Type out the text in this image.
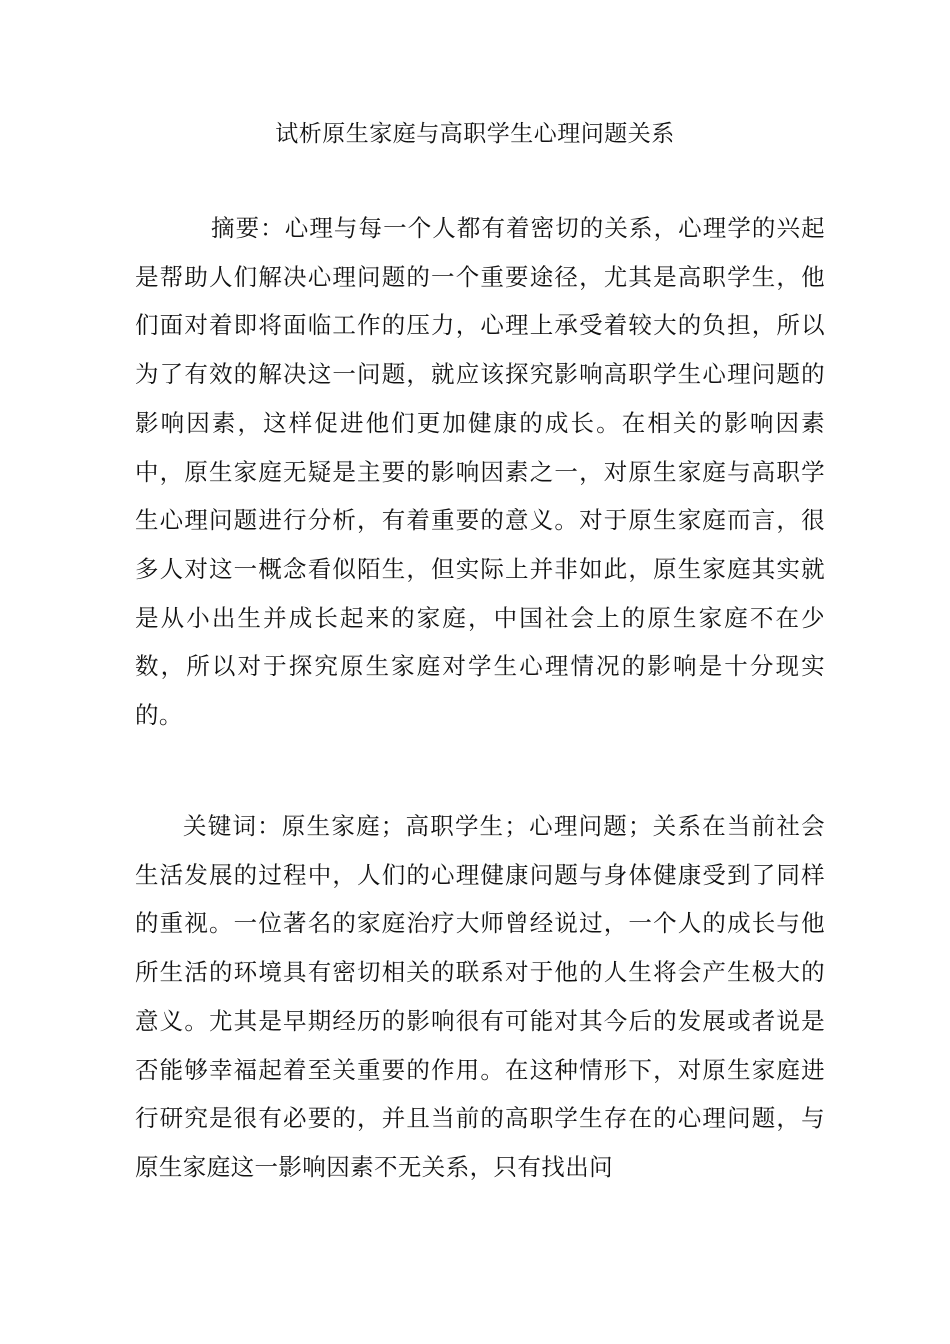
试析原生家庭与高职学生心理问题关系

摘要：心理与每一个人都有着密切的关系，心理学的兴起是帮助人们解决心理问题的一个重要途径，尤其是高职学生，他们面对着即将面临工作的压力，心理上承受着较大的负担，所以为了有效的解决这一问题，就应该探究影响高职学生心理问题的影响因素，这样促进他们更加健康的成长。在相关的影响因素中，原生家庭无疑是主要的影响因素之一，对原生家庭与高职学生心理问题进行分析，有着重要的意义。对于原生家庭而言，很多人对这一概念看似陌生，但实际上并非如此，原生家庭其实就是从小出生并成长起来的家庭，中国社会上的原生家庭不在少数，所以对于探究原生家庭对学生心理情况的影响是十分现实的。

关键词：原生家庭；高职学生；心理问题；关系在当前社会生活发展的过程中，人们的心理健康问题与身体健康受到了同样的重视。一位著名的家庭治疗大师曾经说过，一个人的成长与他所生活的环境具有密切相关的联系对于他的人生将会产生极大的意义。尤其是早期经历的影响很有可能对其今后的发展或者说是否能够幸福起着至关重要的作用。在这种情形下，对原生家庭进行研究是很有必要的，并且当前的高职学生存在的心理问题，与原生家庭这一影响因素不无关系，只有找出问
